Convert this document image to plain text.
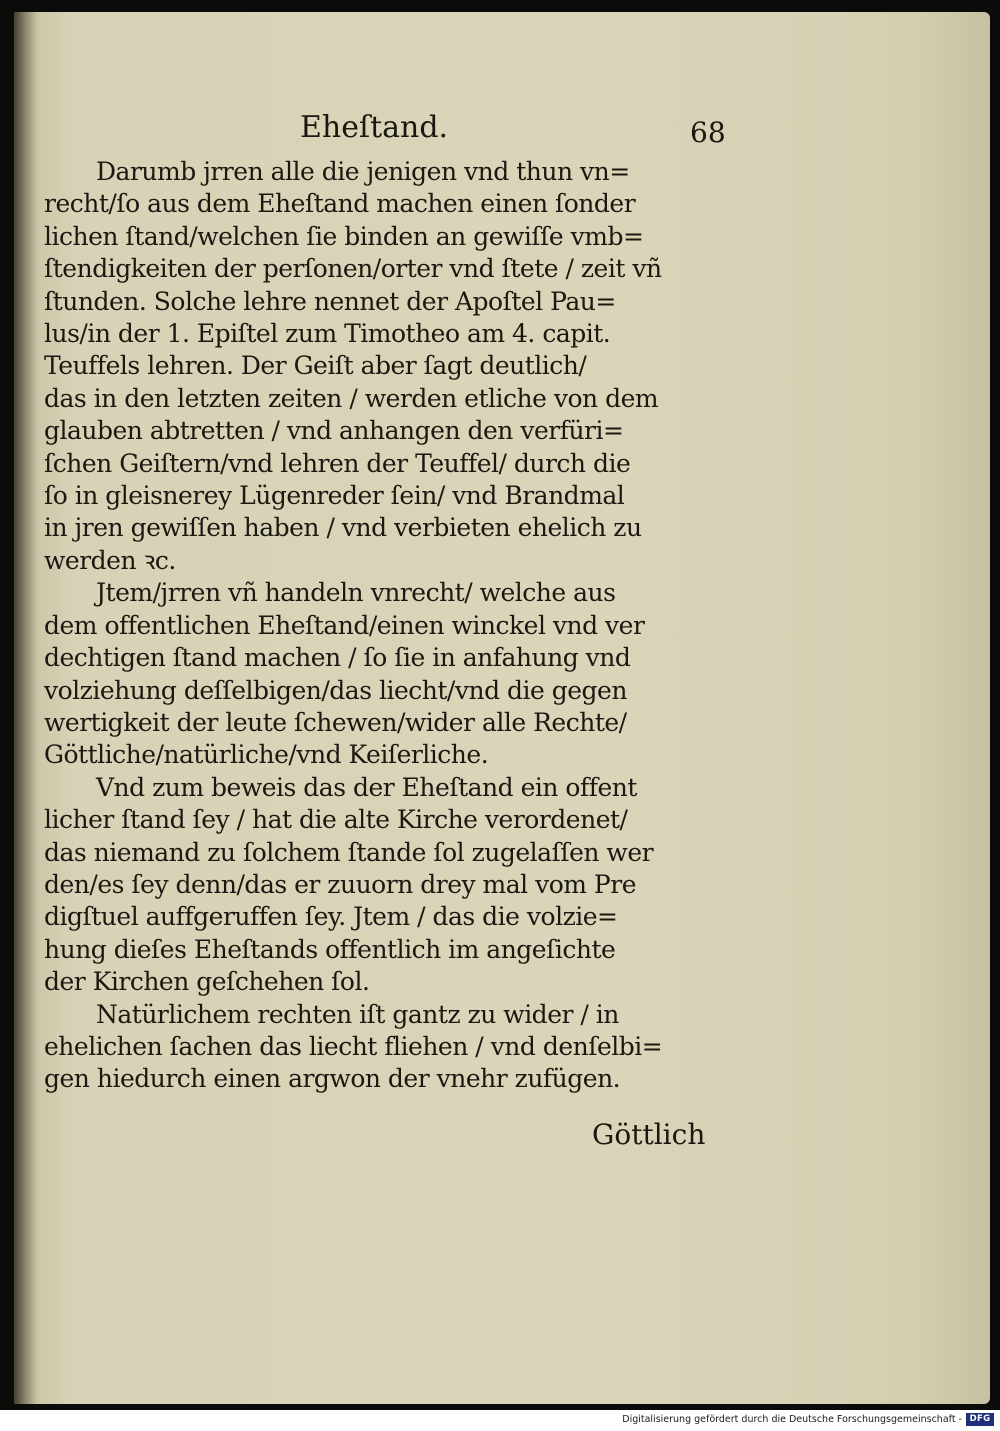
Eheſtand.	68
Darumb jrren alle die jenigen vnd thun vn=
recht/ſo aus dem Eheſtand machen einen ſonder
lichen ſtand/welchen ſie binden an gewiſſe vmb=
ſtendigkeiten der perſonen/orter vnd ſtete / zeit vñ
ſtunden. Solche lehre nennet der Apoſtel Pau=
lus/in der 1. Epiſtel zum Timotheo am 4. capit.
Teuffels lehren. Der Geiſt aber ſagt deutlich/
das in den letzten zeiten / werden etliche von dem
glauben abtretten / vnd anhangen den verfüri=
ſchen Geiſtern/vnd lehren der Teuffel/ durch die
ſo in gleisnerey Lügenreder ſein/ vnd Brandmal
in jren gewiſſen haben / vnd verbieten ehelich zu
werden ꝛc.
Jtem/jrren vñ handeln vnrecht/ welche aus
dem offentlichen Eheſtand/einen winckel vnd ver
dechtigen ſtand machen / ſo ſie in anfahung vnd
volziehung deſſelbigen/das liecht/vnd die gegen
wertigkeit der leute ſchewen/wider alle Rechte/
Göttliche/natürliche/vnd Keiſerliche.
Vnd zum beweis das der Eheſtand ein offent
licher ſtand ſey / hat die alte Kirche verordenet/
das niemand zu ſolchem ſtande ſol zugelaſſen wer
den/es ſey denn/das er zuuorn drey mal vom Pre
digſtuel auffgeruffen ſey. Jtem / das die volzie=
hung dieſes Eheſtands offentlich im angeſichte
der Kirchen geſchehen ſol.
Natürlichem rechten iſt gantz zu wider / in
ehelichen ſachen das liecht fliehen / vnd denſelbi=
gen hiedurch einen argwon der vnehr zufügen.
Göttlich
Digitalisierung gefördert durch die Deutsche Forschungsgemeinschaft - DFG
